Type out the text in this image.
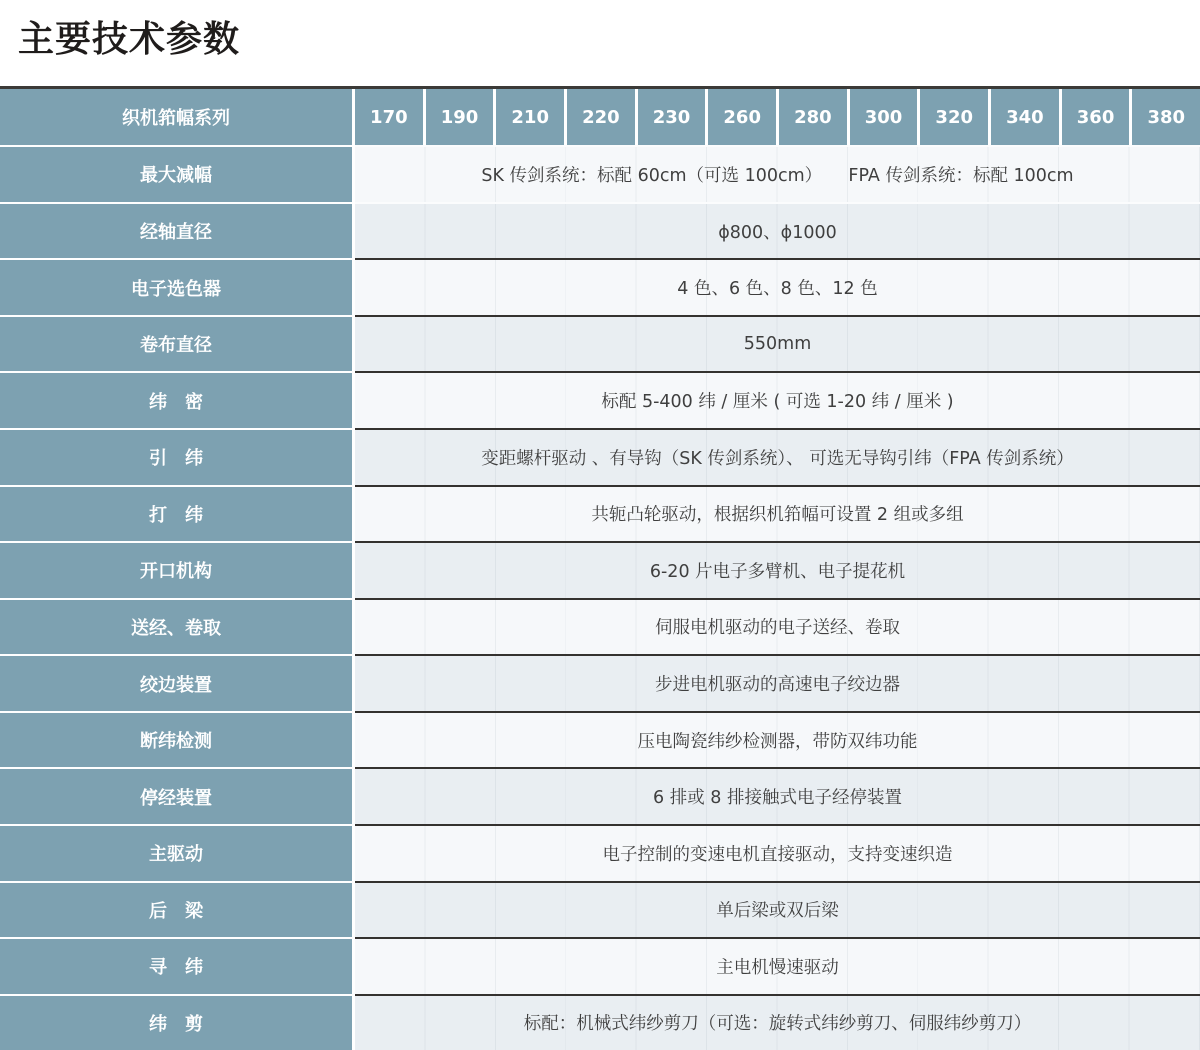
主要技术参数
织机筘幅系列	170	190	210	220	230	260	280	300	320	340	360	380
最大减幅	SK 传剑系统：标配 60cm（可选 100cm）　　FPA 传剑系统：标配 100cm
经轴直径	ϕ800、ϕ1000
电子选色器	4 色、6 色、8 色、12 色
卷布直径	550mm
纬　密	标配 5-400 纬 / 厘米 ( 可选 1-20 纬 / 厘米 )
引　纬	变距螺杆驱动 、有导钩（SK 传剑系统）、 可选无导钩引纬（FPA 传剑系统）
打　纬	共轭凸轮驱动，根据织机筘幅可设置 2 组或多组
开口机构	6-20 片电子多臂机、电子提花机
送经、卷取	伺服电机驱动的电子送经、卷取
绞边装置	步进电机驱动的高速电子绞边器
断纬检测	压电陶瓷纬纱检测器，带防双纬功能
停经装置	6 排或 8 排接触式电子经停装置
主驱动	电子控制的变速电机直接驱动，支持变速织造
后　梁	单后梁或双后梁
寻　纬	主电机慢速驱动
纬　剪	标配：机械式纬纱剪刀（可选：旋转式纬纱剪刀、伺服纬纱剪刀）
